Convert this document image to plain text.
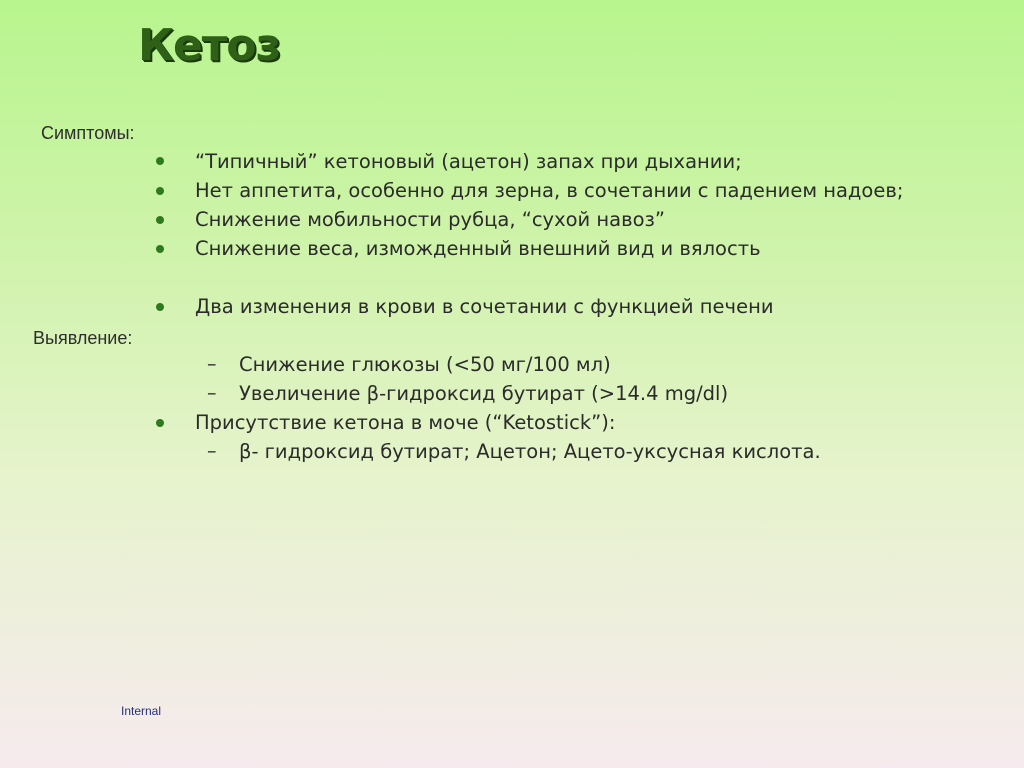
Кетоз
Симптомы:
“Типичный” кетоновый (ацетон) запах при дыхании;
Нет аппетита, особенно для зерна, в сочетании с падением надоев;
Снижение мобильности рубца, “сухой навоз”
Снижение веса, изможденный внешний вид и вялость
Два изменения в крови в сочетании с функцией печени
Выявление:
– Снижение глюкозы (<50 мг/100 мл)
– Увеличение β-гидроксид бутират (>14.4 mg/dl)
Присутствие кетона в моче (“Ketostick”):
– β- гидроксид бутират; Ацетон; Ацето-уксусная кислота.
Internal
